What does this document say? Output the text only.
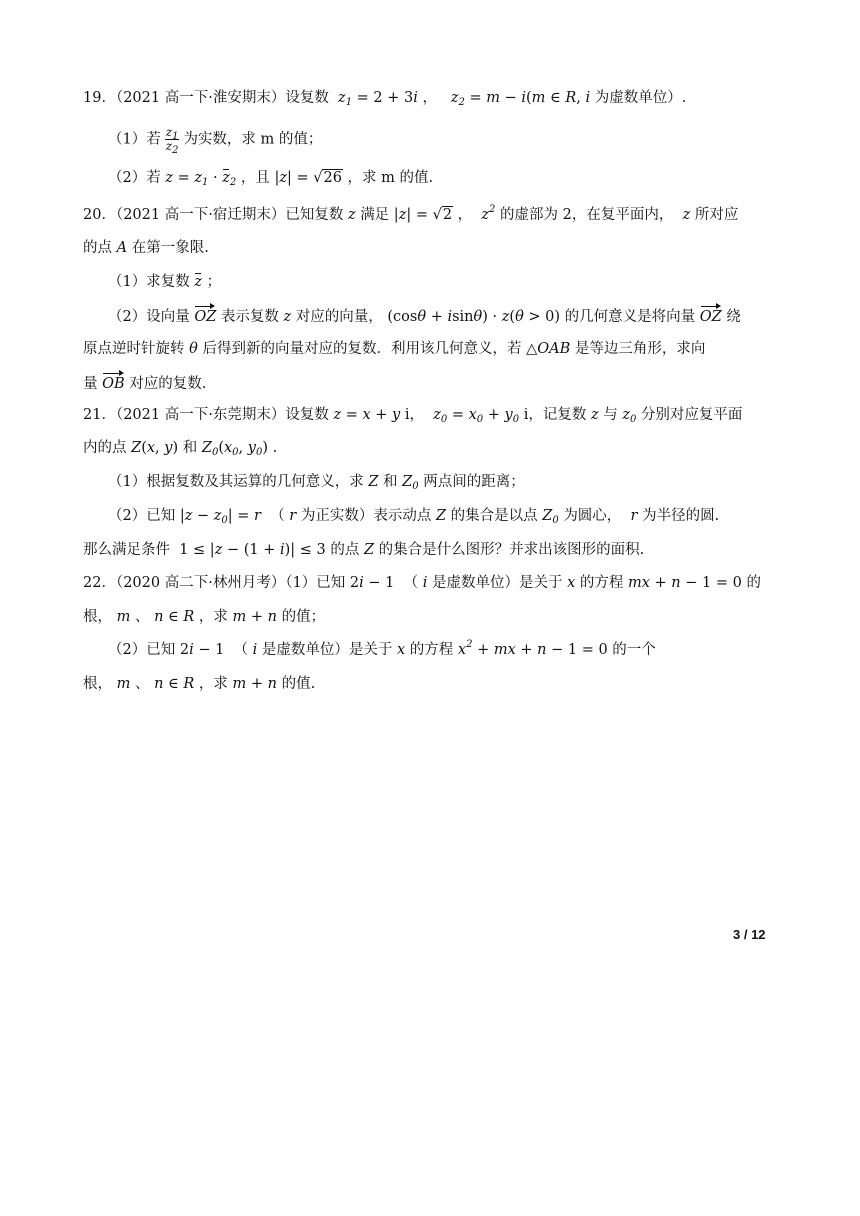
19．（2021 高一下·淮安期末）设复数 $z_1 = 2 + 3i$ ，   $z_2 = m - i(m$ ∈ R, i 为虚数单位）.
（1）若 $\frac{z_1}{z_2}$ 为实数，求 m 的值；
（2）若 $z = z_1 \cdot z_2$ ，且 |z| = √26 ，求 m 的值.
20．（2021 高一下·宿迁期末）已知复数 z 满足 |z| = √2 ，  $z^2$ 的虚部为 2，在复平面内， z 所对应
的点 A 在第一象限.
（1）求复数 z ；
（2）设向量 OZ 表示复数 z 对应的向量， (cosθ + isinθ) · z(θ > 0) 的几何意义是将向量 OZ 绕
原点逆时针旋转 θ 后得到新的向量对应的复数．利用该几何意义，若 △OAB 是等边三角形，求向
量 OB 对应的复数.
21．（2021 高一下·东莞期末）设复数 z = x + y i， $z_0 = x_0 + y_0$ i，记复数 z 与 $z_0$ 分别对应复平面
内的点 Z(x, y) 和 $Z_0(x_0$, $y_0$) .
（1）根据复数及其运算的几何意义，求 Z 和 $Z_0$ 两点间的距离；
（2）已知 $|z - z_0| = r$ （ r 为正实数）表示动点 Z 的集合是以点 $Z_0$ 为圆心， r 为半径的圆.
那么满足条件 1 ≤ |z − (1 + i)| ≤ 3 的点 Z 的集合是什么图形？并求出该图形的面积.
22．（2020 高二下·林州月考）（1）已知 2i − 1 （ i 是虚数单位）是关于 x 的方程 mx + n − 1 = 0 的
根， m 、 n ∈ R ，求 m + n 的值；
（2）已知 2i − 1 （ i 是虚数单位）是关于 x 的方程 $x^2$ + mx + n − 1 = 0 的一个
根， m 、 n ∈ R ，求 m + n 的值.
3 / 12
